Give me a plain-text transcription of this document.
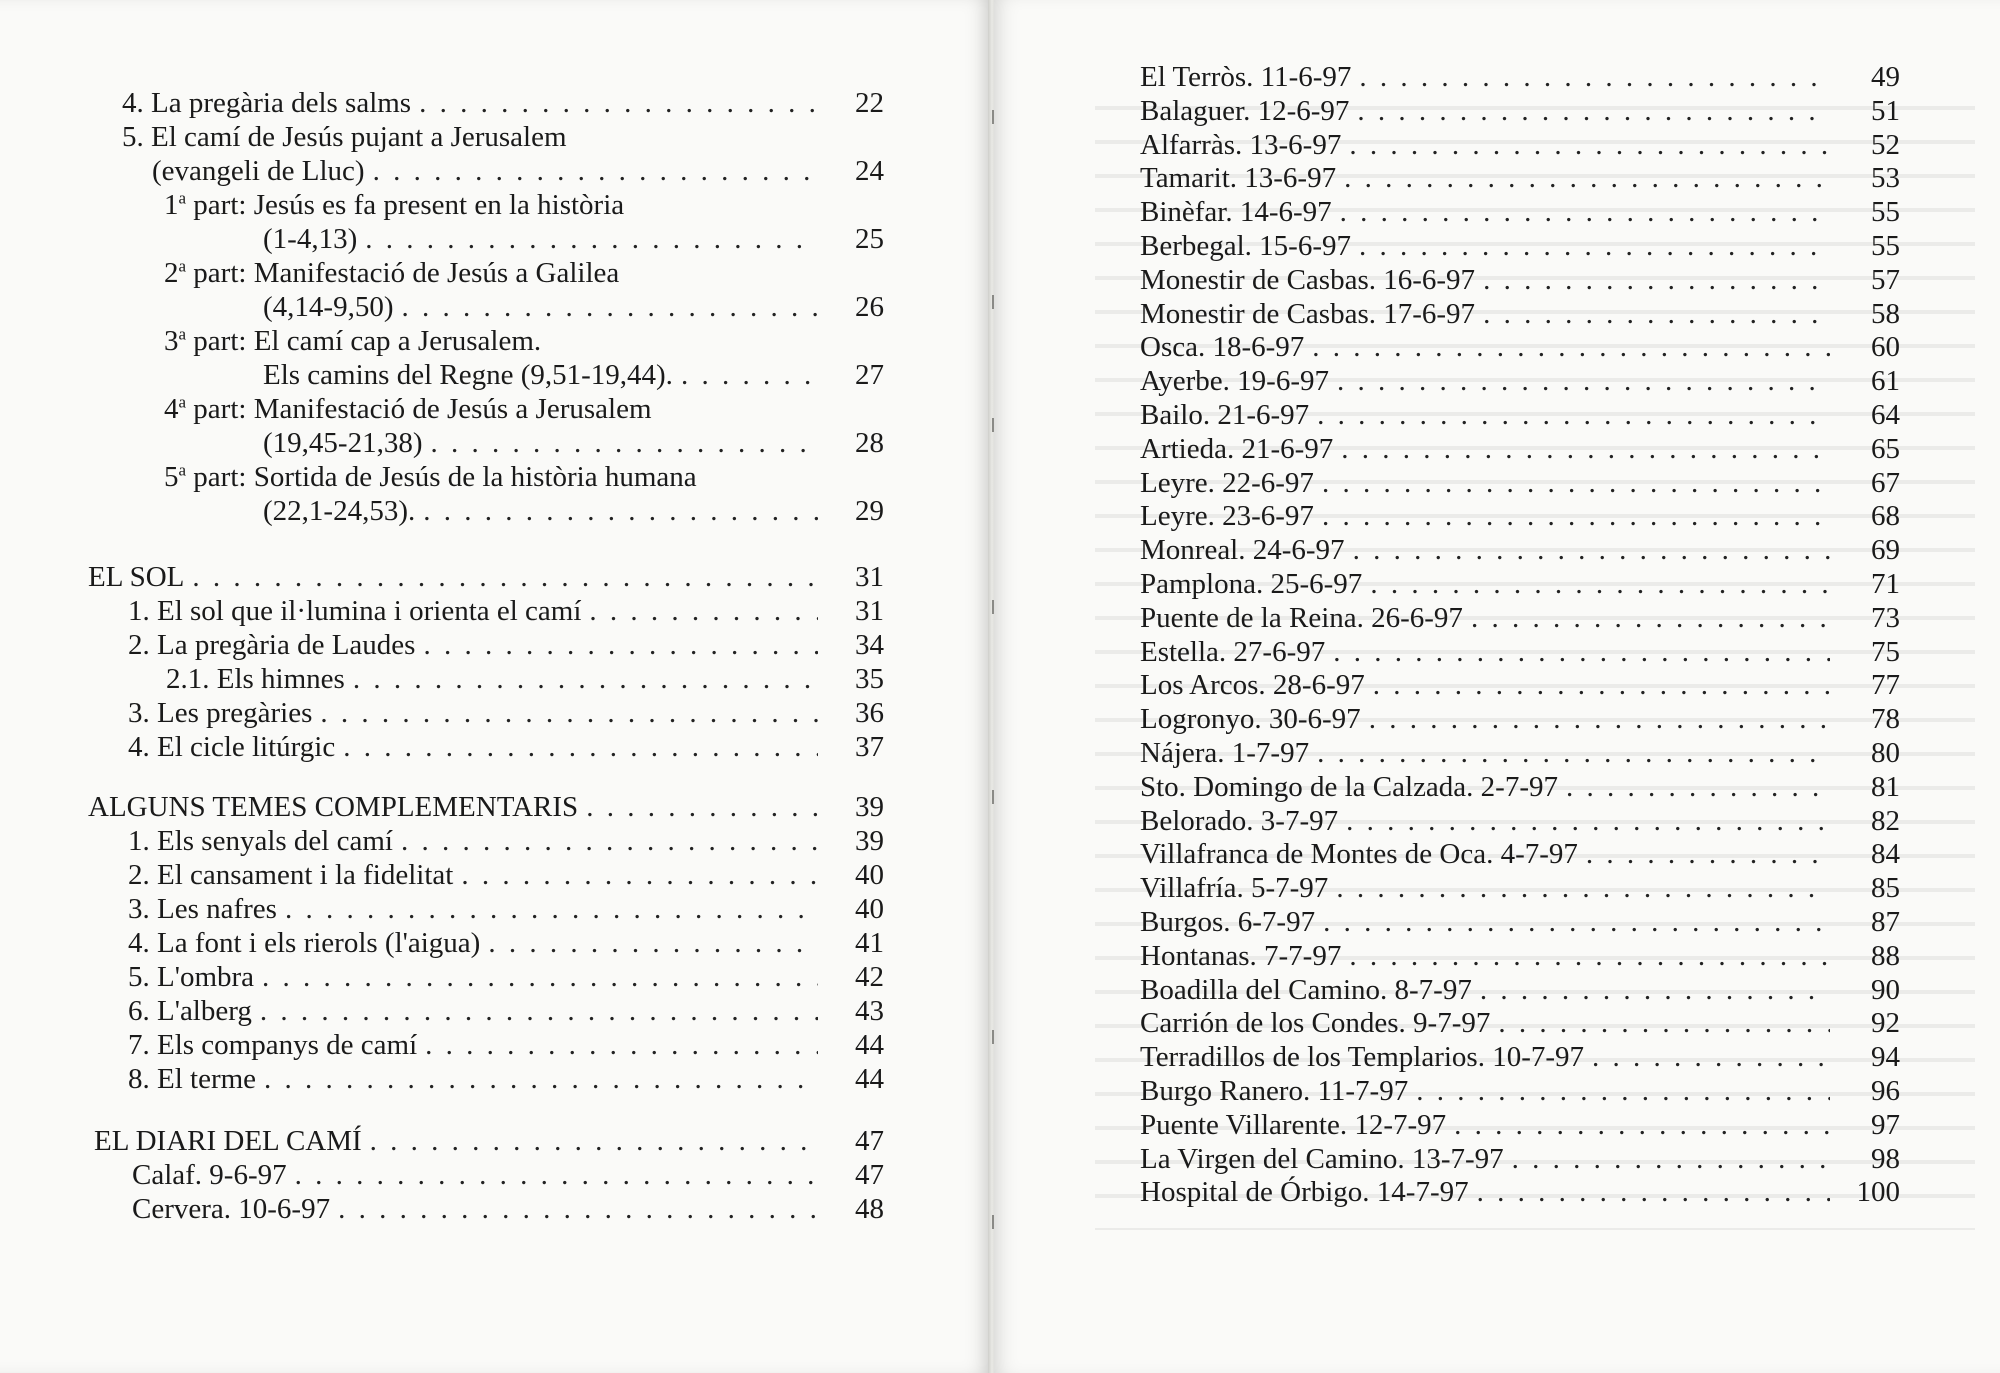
4. La pregària dels salms . . .	22
5. El camí de Jesús pujant a Jerusalem
(evangeli de Lluc) . . .	24
1$^a$ part: Jesús es fa present en la història
(1-4,13) . . .	25
2$^a$ part: Manifestació de Jesús a Galilea
(4,14-9,50) . . .	26
3$^a$ part: El camí cap a Jerusalem.
Els camins del Regne (9,51-19,44). . . .	27
4$^a$ part: Manifestació de Jesús a Jerusalem
(19,45-21,38) . . .	28
5$^a$ part: Sortida de Jesús de la història humana
(22,1-24,53). . . .	29
EL SOL . . .	31
1. El sol que il·lumina i orienta el camí . . .	31
2. La pregària de Laudes . . .	34
2.1. Els himnes . . .	35
3. Les pregàries . . .	36
4. El cicle litúrgic . . .	37
ALGUNS TEMES COMPLEMENTARIS . . .	39
1. Els senyals del camí . . .	39
2. El cansament i la fidelitat . . .	40
3. Les nafres . . .	40
4. La font i els rierols (l'aigua) . . .	41
5. L'ombra . . .	42
6. L'alberg . . .	43
7. Els companys de camí . . .	44
8. El terme . . .	44
EL DIARI DEL CAMÍ . . .	47
Calaf. 9-6-97 . . .	47
Cervera. 10-6-97 . . .	48
El Terròs. 11-6-97 . . .	49
Balaguer. 12-6-97 . . .	51
Alfarràs. 13-6-97 . . .	52
Tamarit. 13-6-97 . . .	53
Binèfar. 14-6-97 . . .	55
Berbegal. 15-6-97 . . .	55
Monestir de Casbas. 16-6-97 . . .	57
Monestir de Casbas. 17-6-97 . . .	58
Osca. 18-6-97 . . .	60
Ayerbe. 19-6-97 . . .	61
Bailo. 21-6-97 . . .	64
Artieda. 21-6-97 . . .	65
Leyre. 22-6-97 . . .	67
Leyre. 23-6-97 . . .	68
Monreal. 24-6-97 . . .	69
Pamplona. 25-6-97 . . .	71
Puente de la Reina. 26-6-97 . . .	73
Estella. 27-6-97 . . .	75
Los Arcos. 28-6-97 . . .	77
Logronyo. 30-6-97 . . .	78
Nájera. 1-7-97 . . .	80
Sto. Domingo de la Calzada. 2-7-97 . . .	81
Belorado. 3-7-97 . . .	82
Villafranca de Montes de Oca. 4-7-97 . . .	84
Villafría. 5-7-97 . . .	85
Burgos. 6-7-97 . . .	87
Hontanas. 7-7-97 . . .	88
Boadilla del Camino. 8-7-97 . . .	90
Carrión de los Condes. 9-7-97 . . .	92
Terradillos de los Templarios. 10-7-97 . . .	94
Burgo Ranero. 11-7-97 . . .	96
Puente Villarente. 12-7-97 . . .	97
La Virgen del Camino. 13-7-97 . . .	98
Hospital de Órbigo. 14-7-97 . . .	100
